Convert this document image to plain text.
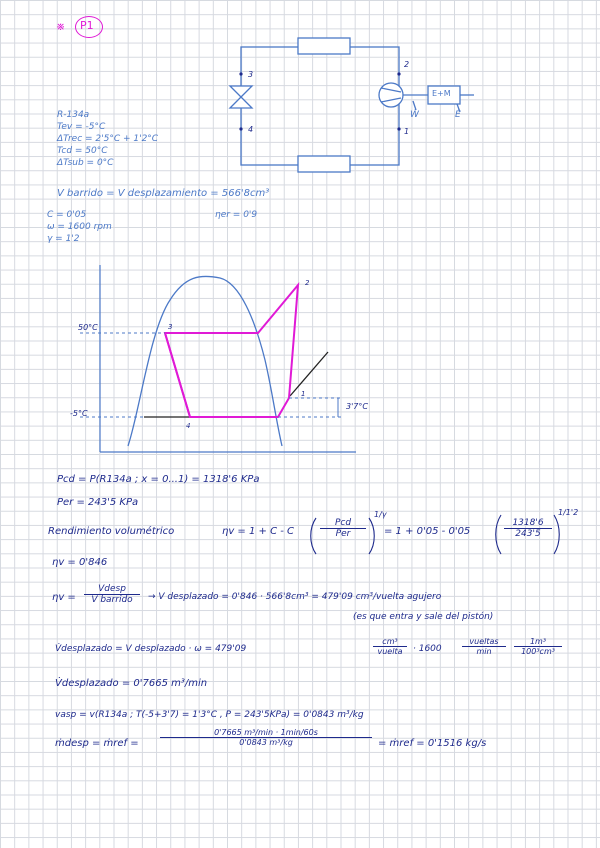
※ P1
3
4
2
1
E+M
Ẇ	Ė
R-134a
Tev = -5°C
ΔTrec = 2'5°C + 1'2°C
Tcd = 50°C
ΔTsub = 0°C
V barrido = V desplazamiento = 566'8cm³
C = 0'05
ω = 1600 rpm
γ = 1'2
ηer = 0'9
50°C
-5°C
2
3
4
1
3'7°C
Pcd = P(R134a ; x = 0...1) = 1318'6 KPa
Per = 243'5 KPa
Rendimiento volumétrico	ηv = 1 + C - C
Pcd
Per
1/γ
= 1 + 0'05 - 0'05	$\frac{1318'6}{243'5}$
1/1'2
ηv = 0'846
ηv =
Vdesp
V barrido	→ V desplazado = 0'846 · 566'8cm³ = 479'09 cm³/vuelta agujero
(es que entra y sale del pistón)
V̇desplazado = V desplazado · ω = 479'09
cm³
vuelta	· 1600
vueltas
min	$\frac{\text{1m³}}{\text{100³cm³}}$
V̇desplazado = 0'7665 m³/min
vasp = v(R134a ; T(-5+3'7) = 1'3°C , P = 243'5KPa) = 0'0843 m³/kg
ṁdesp = ṁref =
0'7665 m³/min · 1min/60s
0'0843 m³/kg	= ṁref = 0'1516 kg/s
